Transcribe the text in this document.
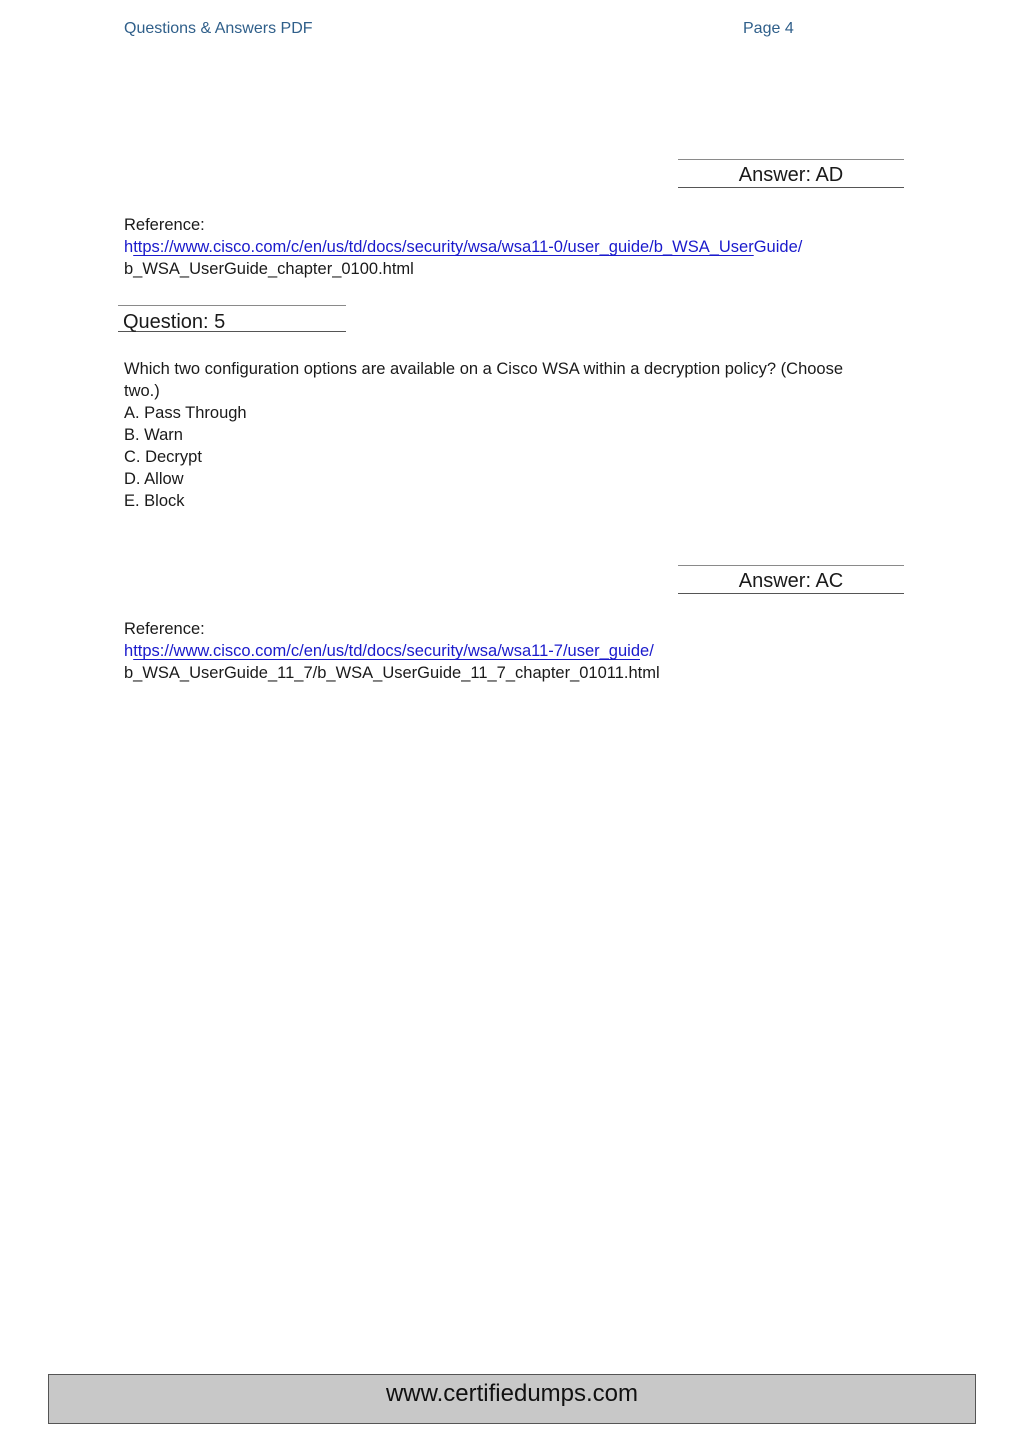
Questions & Answers PDF	Page 4
Answer: AD
Reference:
https://www.cisco.com/c/en/us/td/docs/security/wsa/wsa11-0/user_guide/b_WSA_UserGuide/
b_WSA_UserGuide_chapter_0100.html
Question: 5
Which two configuration options are available on a Cisco WSA within a decryption policy? (Choose
two.)
A. Pass Through
B. Warn
C. Decrypt
D. Allow
E. Block
Answer: AC
Reference:
https://www.cisco.com/c/en/us/td/docs/security/wsa/wsa11-7/user_guide/
b_WSA_UserGuide_11_7/b_WSA_UserGuide_11_7_chapter_01011.html
www.certifiedumps.com
